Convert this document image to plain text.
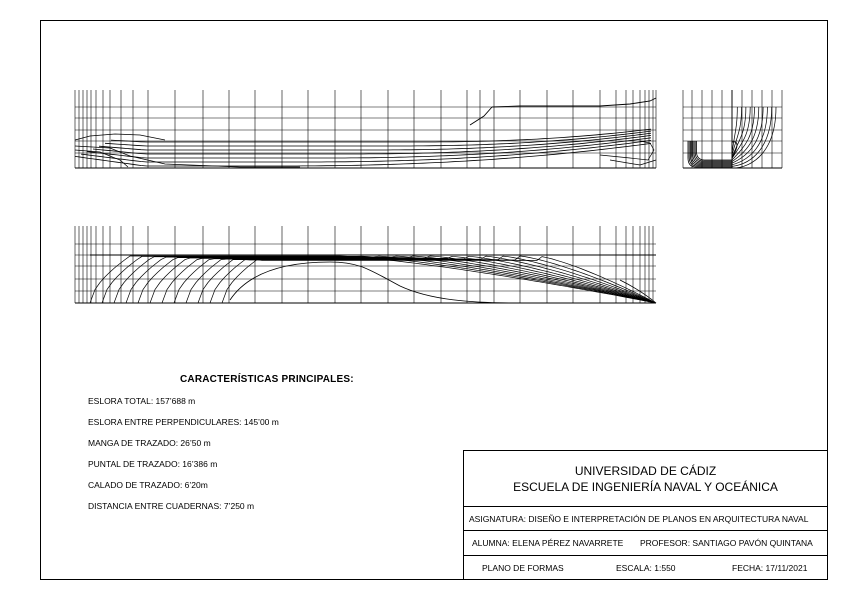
CARACTERÍSTICAS PRINCIPALES:
ESLORA TOTAL: 157’688 m
ESLORA ENTRE PERPENDICULARES: 145’00 m
MANGA DE TRAZADO: 26’50 m
PUNTAL DE TRAZADO: 16’386 m
CALADO DE TRAZADO: 6’20m
DISTANCIA ENTRE CUADERNAS: 7’250 m
UNIVERSIDAD DE CÁDIZ
ESCUELA DE INGENIERÍA NAVAL Y OCEÁNICA
ASIGNATURA: DISEÑO E INTERPRETACIÓN DE PLANOS EN ARQUITECTURA NAVAL
ALUMNA: ELENA PÉREZ NAVARRETE PROFESOR: SANTIAGO PAVÓN QUINTANA
PLANO DE FORMAS	ESCALA: 1:550	FECHA: 17/11/2021
